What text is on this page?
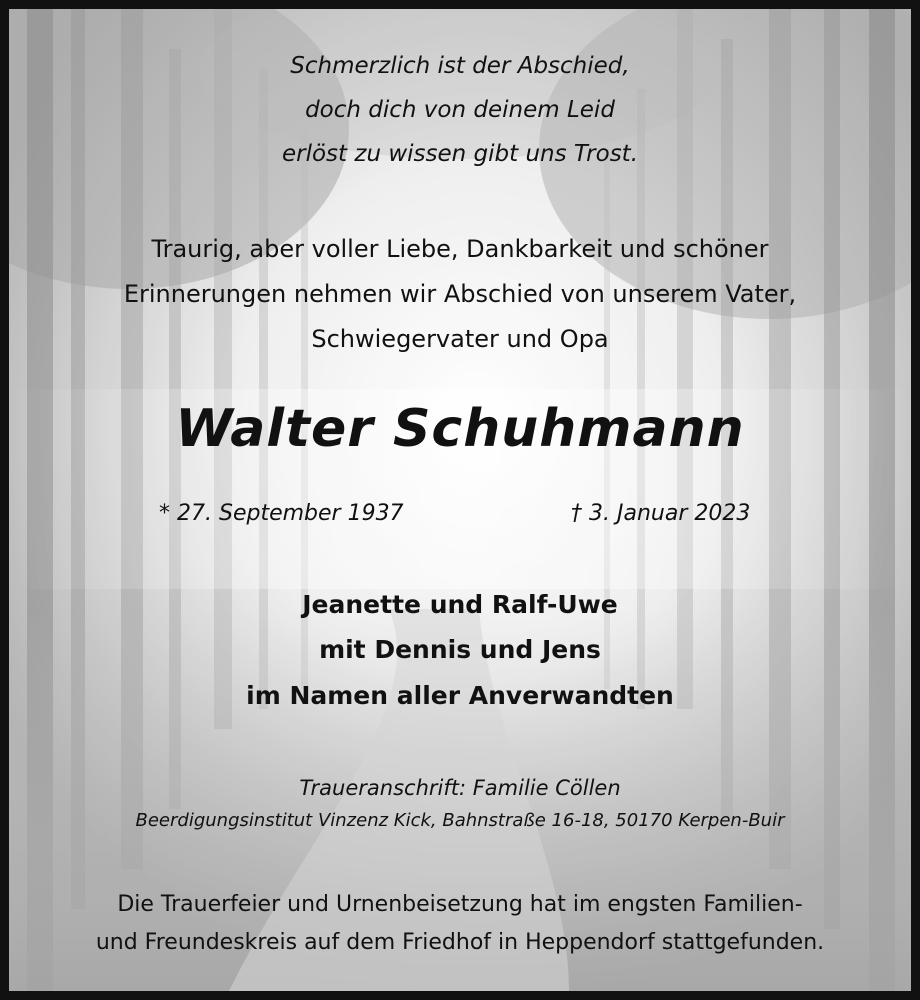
Schmerzlich ist der Abschied,
doch dich von deinem Leid
erlöst zu wissen gibt uns Trost.
Traurig, aber voller Liebe, Dankbarkeit und schöner
Erinnerungen nehmen wir Abschied von unserem Vater,
Schwiegervater und Opa
Walter Schuhmann
* 27. September 1937	† 3. Januar 2023
Jeanette und Ralf-Uwe
mit Dennis und Jens
im Namen aller Anverwandten
Traueranschrift: Familie Cöllen
Beerdigungsinstitut Vinzenz Kick, Bahnstraße 16-18, 50170 Kerpen-Buir
Die Trauerfeier und Urnenbeisetzung hat im engsten Familien-
und Freundeskreis auf dem Friedhof in Heppendorf stattgefunden.
